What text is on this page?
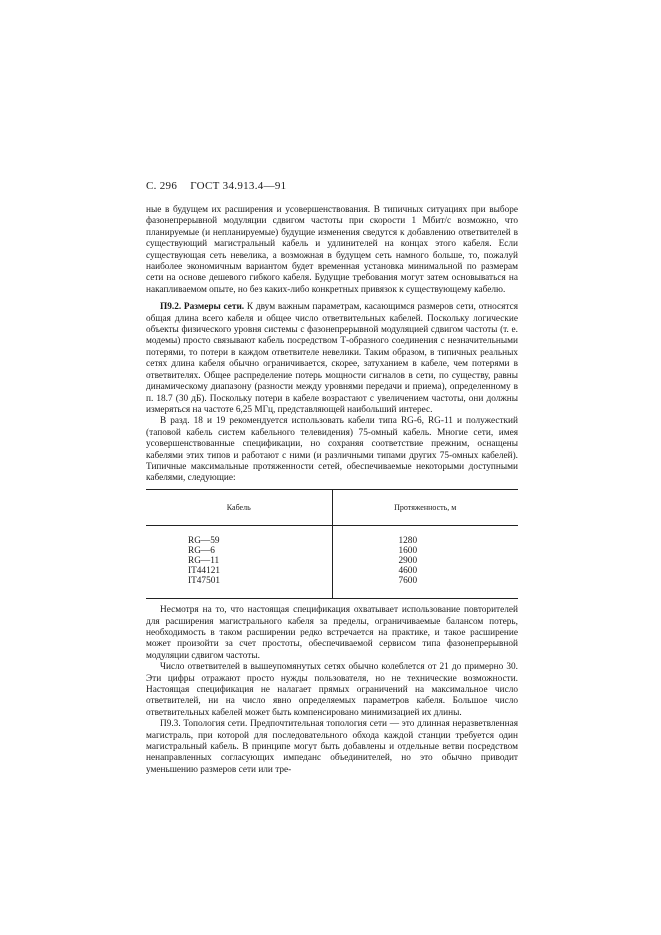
С. 296 ГОСТ 34.913.4—91

ные в будущем их расширения и усовершенствования. В типичных ситуациях при выборе фазонепрерывной модуляции сдвигом частоты при скорости 1 Мбит/с возможно, что планируемые (и непланируемые) будущие изменения сведутся к добавлению ответвителей в существующий магистральный кабель и удлинителей на концах этого кабеля. Если существующая сеть невелика, а возможная в будущем сеть намного больше, то, пожалуй наиболее экономичным вариантом будет временная установка минимальной по размерам сети на основе дешевого гибкого кабеля. Будущие требования могут затем основываться на накапливаемом опыте, но без каких-либо конкретных привязок к существующему кабелю.

П9.2. Размеры сети. К двум важным параметрам, касающимся размеров сети, относятся общая длина всего кабеля и общее число ответвительных кабелей. Поскольку логические объекты физического уровня системы с фазонепрерывной модуляцией сдвигом частоты (т. е. модемы) просто связывают кабель посредством Т-образного соединения с незначительными потерями, то потери в каждом ответвителе невелики. Таким образом, в типичных реальных сетях длина кабеля обычно ограничивается, скорее, затуханием в кабеле, чем потерями в ответвителях. Общее распределение потерь мощности сигналов в сети, по существу, равны динамическому диапазону (разности между уровнями передачи и приема), определенному в п. 18.7 (30 дБ). Поскольку потери в кабеле возрастают с увеличением частоты, они должны измеряться на частоте 6,25 МГц, представляющей наибольший интерес.

В разд. 18 и 19 рекомендуется использовать кабели типа RG-6, RG-11 и полужесткий (таповой кабель систем кабельного телевидения) 75-омный кабель. Многие сети, имея усовершенствованные спецификации, но сохраняя соответствие прежним, оснащены кабелями этих типов и работают с ними (и различными типами других 75-омных кабелей). Типичные максимальные протяженности сетей, обеспечиваемые некоторыми доступными кабелями, следующие:

Кабель	Протяженность, м
RG—59	1280
RG—6	1600
RG—11	2900
IT44121	4600
IT47501	7600

Несмотря на то, что настоящая спецификация охватывает использование повторителей для расширения магистрального кабеля за пределы, ограничиваемые балансом потерь, необходимость в таком расширении редко встречается на практике, и такое расширение может произойти за счет простоты, обеспечиваемой сервисом типа фазонепрерывной модуляции сдвигом частоты.

Число ответвителей в вышеупомянутых сетях обычно колеблется от 21 до примерно 30. Эти цифры отражают просто нужды пользователя, но не технические возможности. Настоящая спецификация не налагает прямых ограничений на максимальное число ответвителей, ни на число явно определяемых параметров кабеля. Большое число ответвительных кабелей может быть компенсировано минимизацией их длины.

П9.3. Топология сети. Предпочтительная топология сети — это длинная неразветвленная магистраль, при которой для последовательного обхода каждой станции требуется один магистральный кабель. В принципе могут быть добавлены и отдельные ветви посредством ненаправленных согласующих импеданс объединителей, но это обычно приводит уменьшению размеров сети или тре-
